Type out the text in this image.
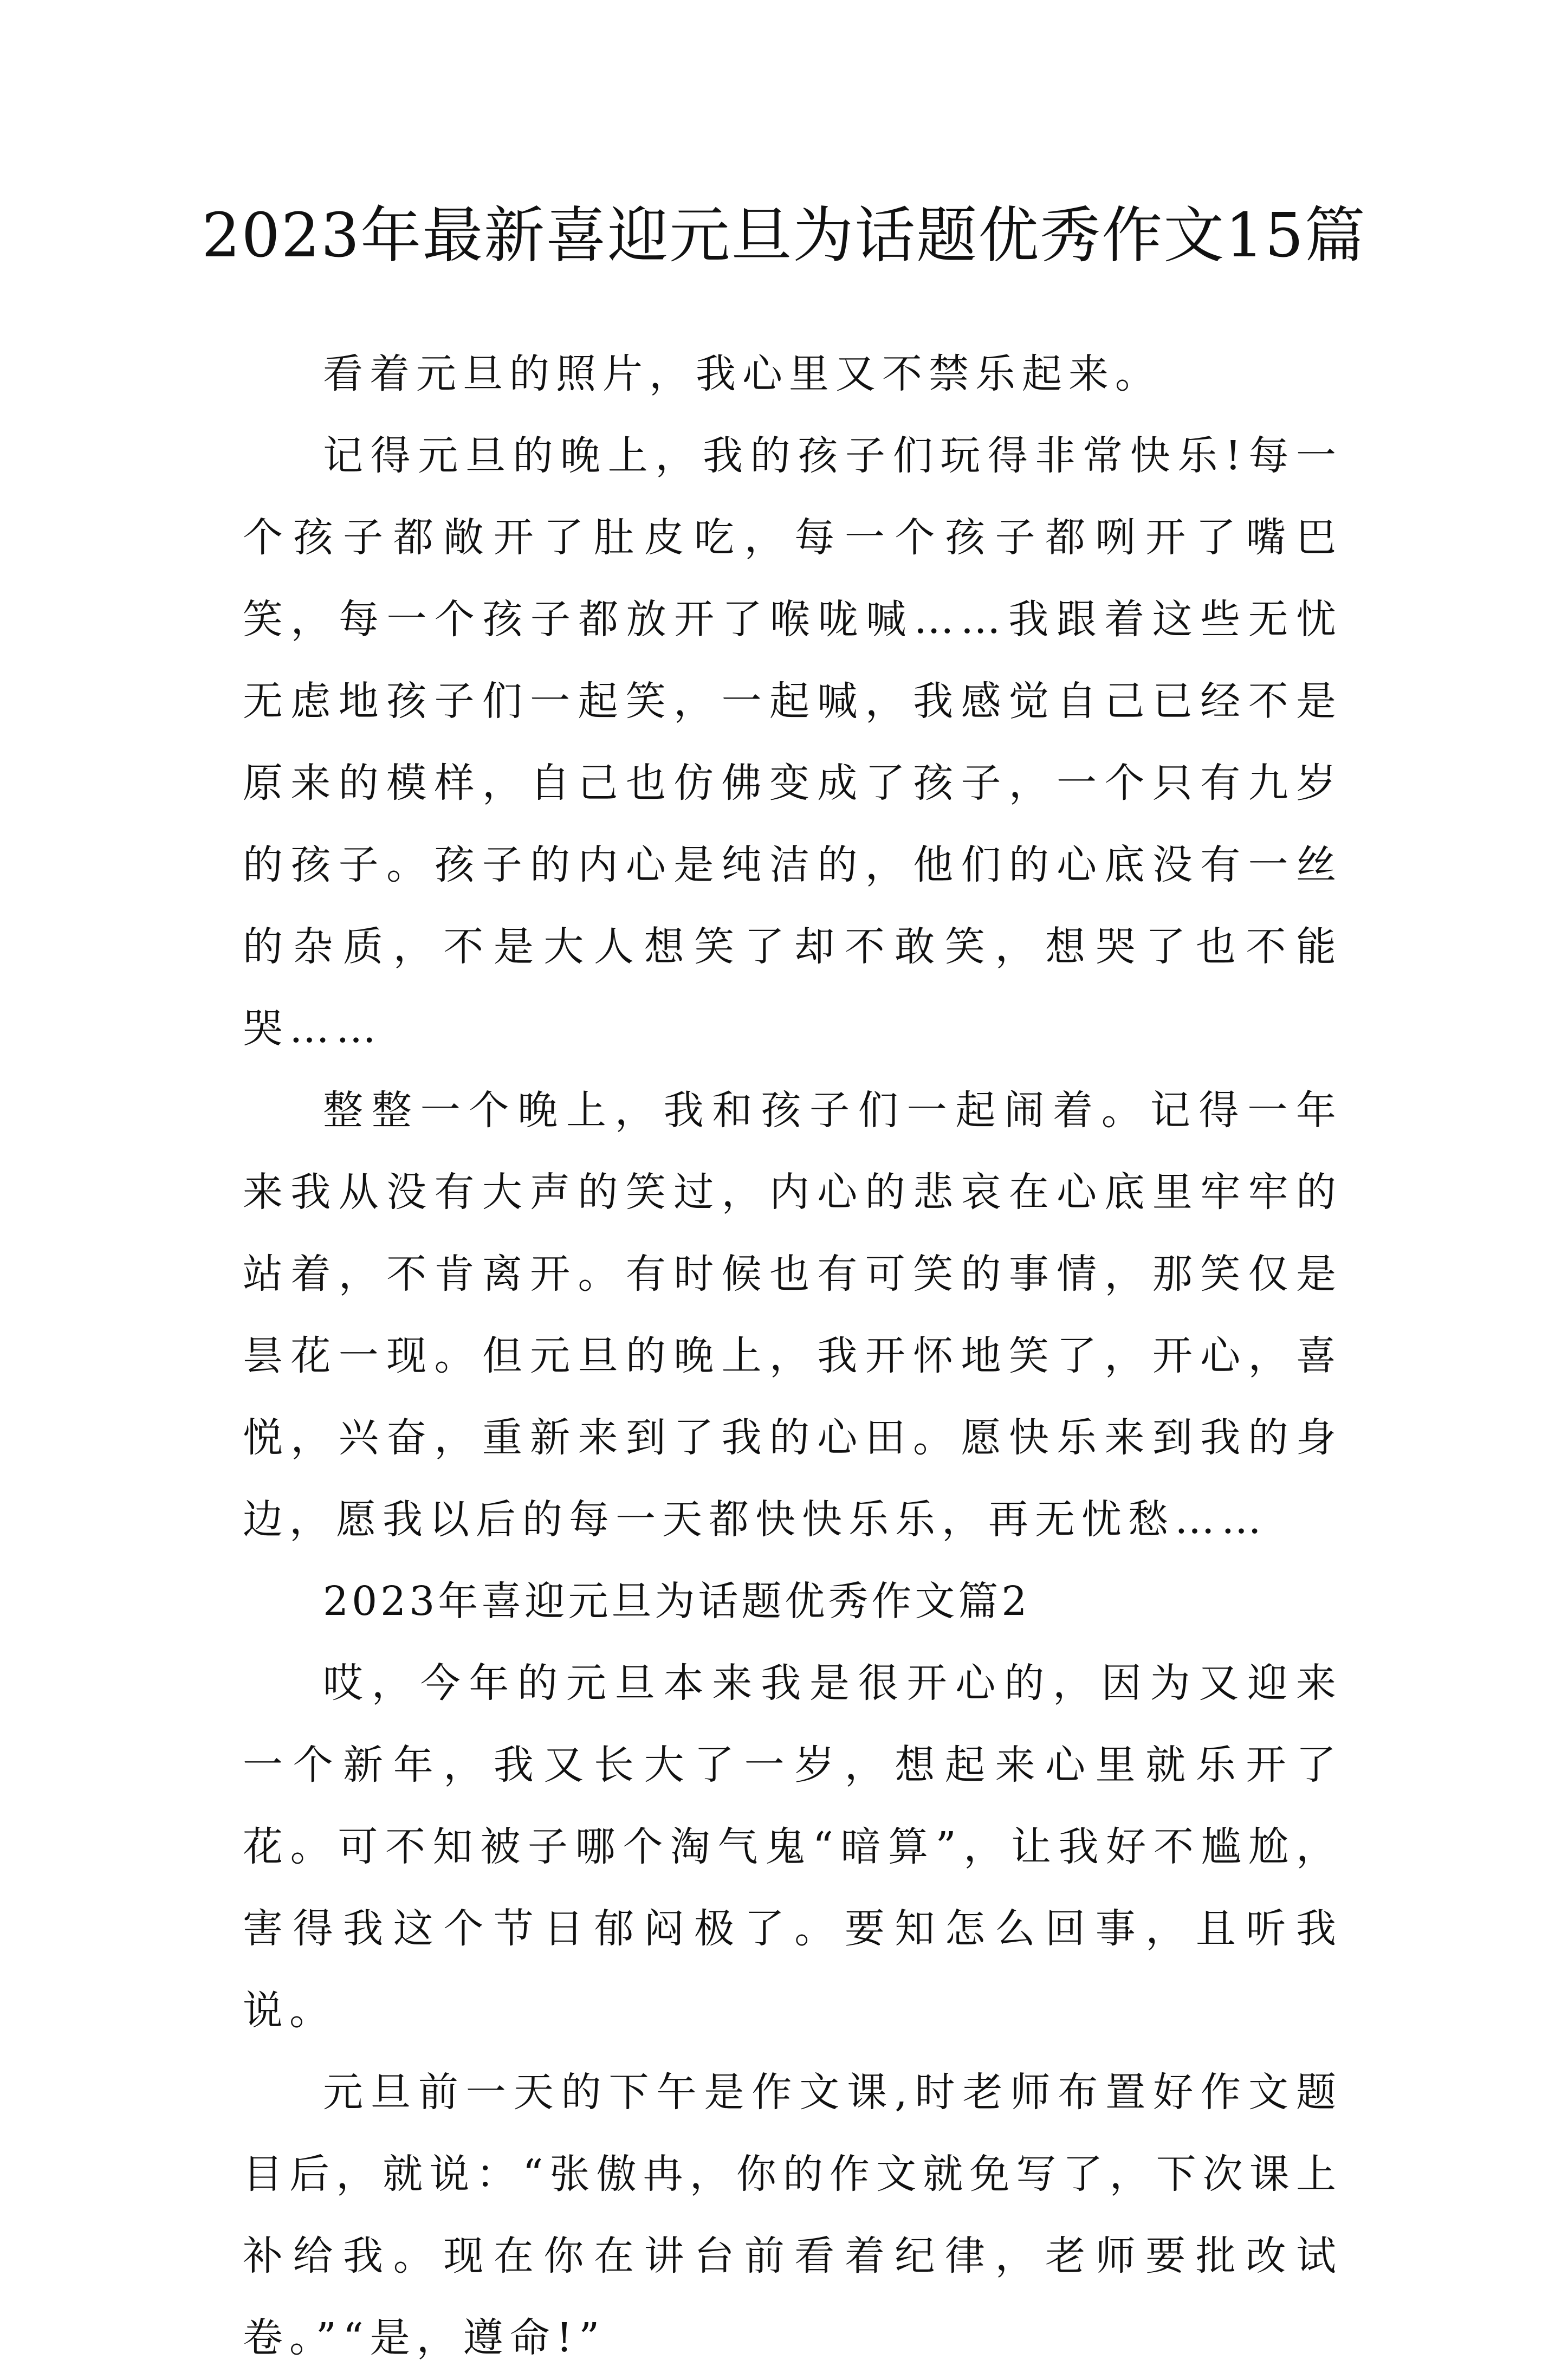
2023年最新喜迎元旦为话题优秀作文15篇

看着元旦的照片，我心里又不禁乐起来。

记得元旦的晚上，我的孩子们玩得非常快乐!每一个孩子都敞开了肚皮吃，每一个孩子都咧开了嘴巴笑，每一个孩子都放开了喉咙喊……我跟着这些无忧无虑地孩子们一起笑，一起喊，我感觉自己已经不是原来的模样，自己也仿佛变成了孩子，一个只有九岁的孩子。孩子的内心是纯洁的，他们的心底没有一丝的杂质，不是大人想笑了却不敢笑，想哭了也不能哭……

整整一个晚上，我和孩子们一起闹着。记得一年来我从没有大声的笑过，内心的悲哀在心底里牢牢的站着，不肯离开。有时候也有可笑的事情，那笑仅是昙花一现。但元旦的晚上，我开怀地笑了，开心，喜悦，兴奋，重新来到了我的心田。愿快乐来到我的身边，愿我以后的每一天都快快乐乐，再无忧愁……

2023年喜迎元旦为话题优秀作文篇2

哎，今年的元旦本来我是很开心的，因为又迎来一个新年，我又长大了一岁，想起来心里就乐开了花。可不知被子哪个淘气鬼“暗算”，让我好不尴尬，害得我这个节日郁闷极了。要知怎么回事，且听我说。

元旦前一天的下午是作文课,时老师布置好作文题目后，就说：“张傲冉，你的作文就免写了，下次课上补给我。现在你在讲台前看着纪律，老师要批改试卷。”“是，遵命!”
